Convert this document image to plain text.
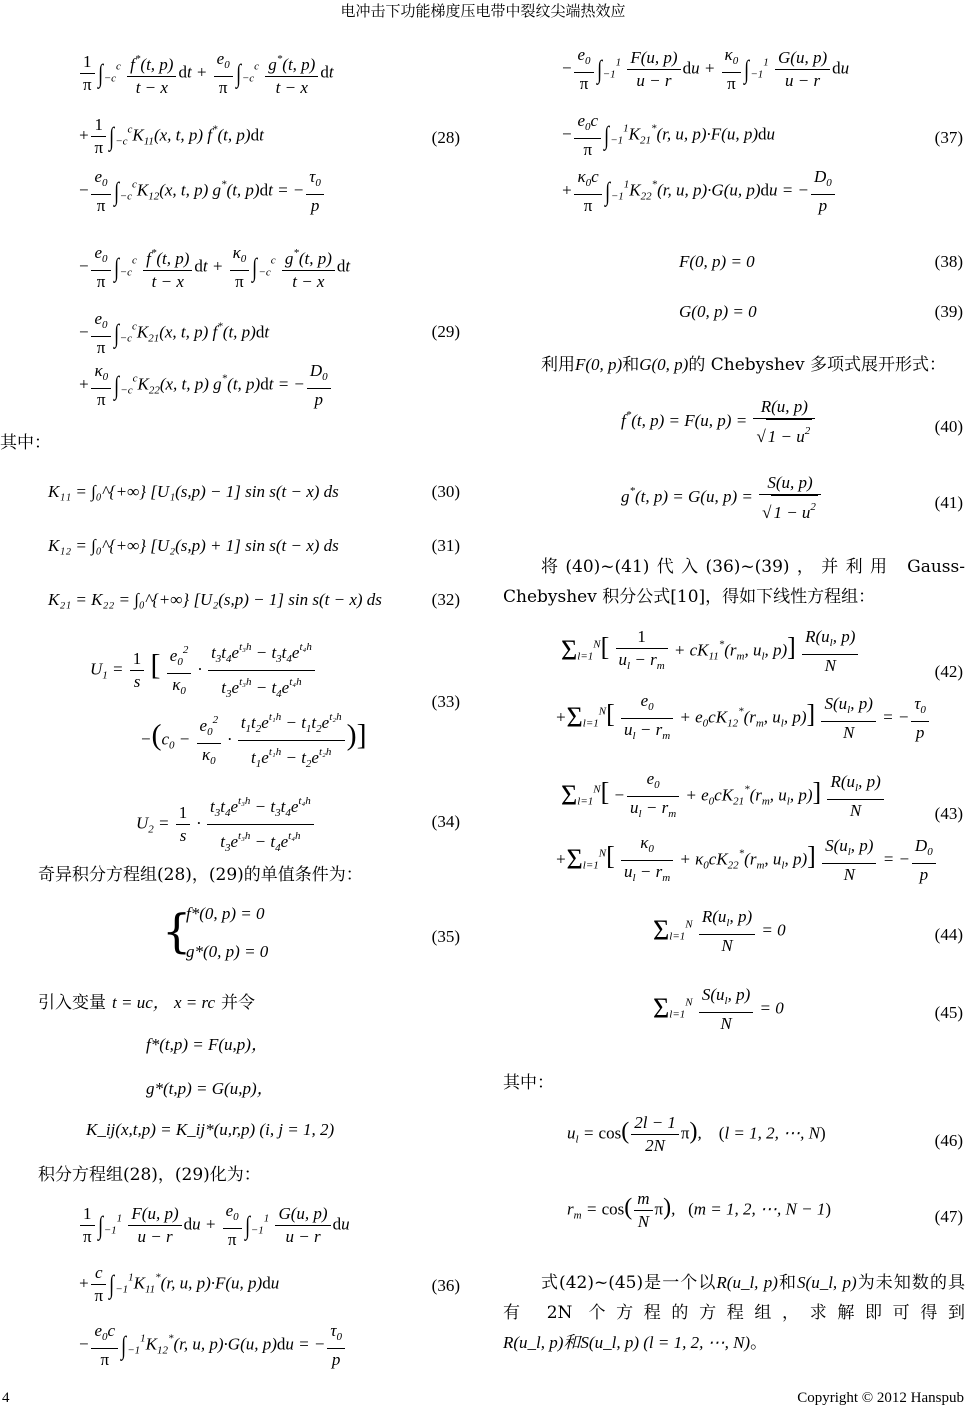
电冲击下功能梯度压电带中裂纹尖端热效应
$\frac{1}{\pi} \int_{-c}^c \frac{f^*(t, p)}{t - x}$ dt + $\frac{e_0}{\pi} \int_{-c}^c \frac{g^*(t, p)}{t - x}$ dt
+ $\frac{1}{\pi} \int_{-c}^cK_{11}(x$, t, p) f*(t, p)dt
− $\frac{e_0}{\pi} \int_{-c}^cK_{12}(x$, t, p) g*(t, p)dt = − $\frac{\tau_0}{p}$
(28)
− $\frac{e_0}{\pi} \int_{-c}^c \frac{f^*(t, p)}{t - x}$ dt + $\frac{\kappa_0}{\pi} \int_{-c}^c \frac{g^*(t, p)}{t - x}$ dt
− $\frac{e_0}{\pi} \int_{-c}^cK_{21}(x$, t, p) f*(t, p)dt
+ $\frac{\kappa_0}{\pi} \int_{-c}^cK_{22}(x$, t, p) g*(t, p)dt = − $\frac{D_0}{p}$
(29)
其中：
K₁₁ = ∫₀^{+∞} [U₁(s,p) − 1] sin s(t − x) ds	(30)
K₁₂ = ∫₀^{+∞} [U₂(s,p) + 1] sin s(t − x) ds	(31)
K₂₁ = K₂₂ = ∫₀^{+∞} [U₂(s,p) − 1] sin s(t − x) ds	(32)
$U_1 = \frac{1}{s}$ [ $\frac{e_0^2}{\kappa_0} \cdot \frac{t_3t_4e^{t_3h} - t_3t_4e^{t_4h}}{t_3e^{t_3h} - t_4e^{t_4h}}$
$-(c_0 - \frac{e_0^2}{\kappa_0} \cdot \frac{t_1t_2e^{t_1h} - t_1t_2e^{t_2h}}{t_1e^{t_1h} - t_2e^{t_2h}}$ )]
(33)
$U_2 = \frac{1}{s} \cdot \frac{t_3t_4e^{t_3h} - t_3t_4e^{t_4h}}{t_3e^{t_3h} - t_4e^{t_4h}}$	(34)
奇异积分方程组(28)，(29)的单值条件为：
{
f*(0, p) = 0
g*(0, p) = 0
(35)
引入变量 t = uc， x = rc 并令
f*(t,p) = F(u,p)，
g*(t,p) = G(u,p)，
K_ij(x,t,p) = K_ij*(u,r,p) (i, j = 1, 2)
积分方程组(28)，(29)化为：
$\frac{1}{\pi} \int_{-1}^1 \frac{F(u, p)}{u - r}$ du + $\frac{e_0}{\pi} \int_{-1}^1 \frac{G(u, p)}{u - r}$ du
+ $\frac{c}{\pi} \int_{-1}^1K_{11}^*(r$, u, p)·F(u, p)du
− $\frac{e_0c}{\pi} \int_{-1}^1K_{12}^*(r$, u, p)·G(u, p)du = − $\frac{\tau_0}{p}$
(36)
− $\frac{e_0}{\pi} \int_{-1}^1 \frac{F(u, p)}{u - r}$ du + $\frac{\kappa_0}{\pi} \int_{-1}^1 \frac{G(u, p)}{u - r}$ du
− $\frac{e_0c}{\pi} \int_{-1}^1K_{21}^*(r$, u, p)·F(u, p)du
+ $\frac{\kappa_0c}{\pi} \int_{-1}^1K_{22}^*(r$, u, p)·G(u, p)du = − $\frac{D_0}{p}$
(37)
F(0, p) = 0	(38)
G(0, p) = 0	(39)
利用F(0, p)和G(0, p)的 Chebyshev 多项式展开形式：
f*(t, p) = F(u, $p) = \frac{R(u, p)}{√ 1 - u^2}$	(40)
g*(t, p) = G(u, $p) = \frac{S(u, p)}{√ 1 - u^2}$	(41)
将(40)~(41)代入(36)~(39)，并利用 Gauss-Chebyshev 积分公式[10]，得如下线性方程组：
$\Sigma_{l=1}^N[ \frac{1}{u_l - r_m} + cK_{11}^*(r_m$, $u_l$, $p)] \frac{R(u_l, p)}{N}$
$+\Sigma_{l=1}^N[ \frac{e_0}{u_l - r_m} + e_0cK_{12}^*(r_m$, $u_l$, $p)] \frac{S(u_l, p)}{N}$ = − $\frac{\tau_0}{p}$
(42)
$\Sigma_{l=1}^N[ - \frac{e_0}{u_l - r_m} + e_0cK_{21}^*(r_m$, $u_l$, $p)] \frac{R(u_l, p)}{N}$
$+\Sigma_{l=1}^N[ \frac{\kappa_0}{u_l - r_m} + \kappa_0cK_{22}^*(r_m$, $u_l$, $p)] \frac{S(u_l, p)}{N}$ = − $\frac{D_0}{p}$
(43)
$\Sigma_{l=1}^N \frac{R(u_l, p)}{N} = 0$	(44)
$\Sigma_{l=1}^N \frac{S(u_l, p)}{N} = 0$	(45)
其中：
$u_l = \cos( \frac{2l - 1}{2N} \pi)$,    (l = 1, 2, ⋯, N)	(46)
$r_m = \cos( \frac{m}{N} \pi)$,   (m = 1, 2, ⋯, N − 1)	(47)
式(42)~(45)是一个以R(u_l, p)和S(u_l, p)为未知数的具有 2N 个方程的方程组，求解即可得到 R(u_l, p)和S(u_l, p) (l = 1, 2, ⋯, N)。
4	Copyright © 2012 Hanspub
